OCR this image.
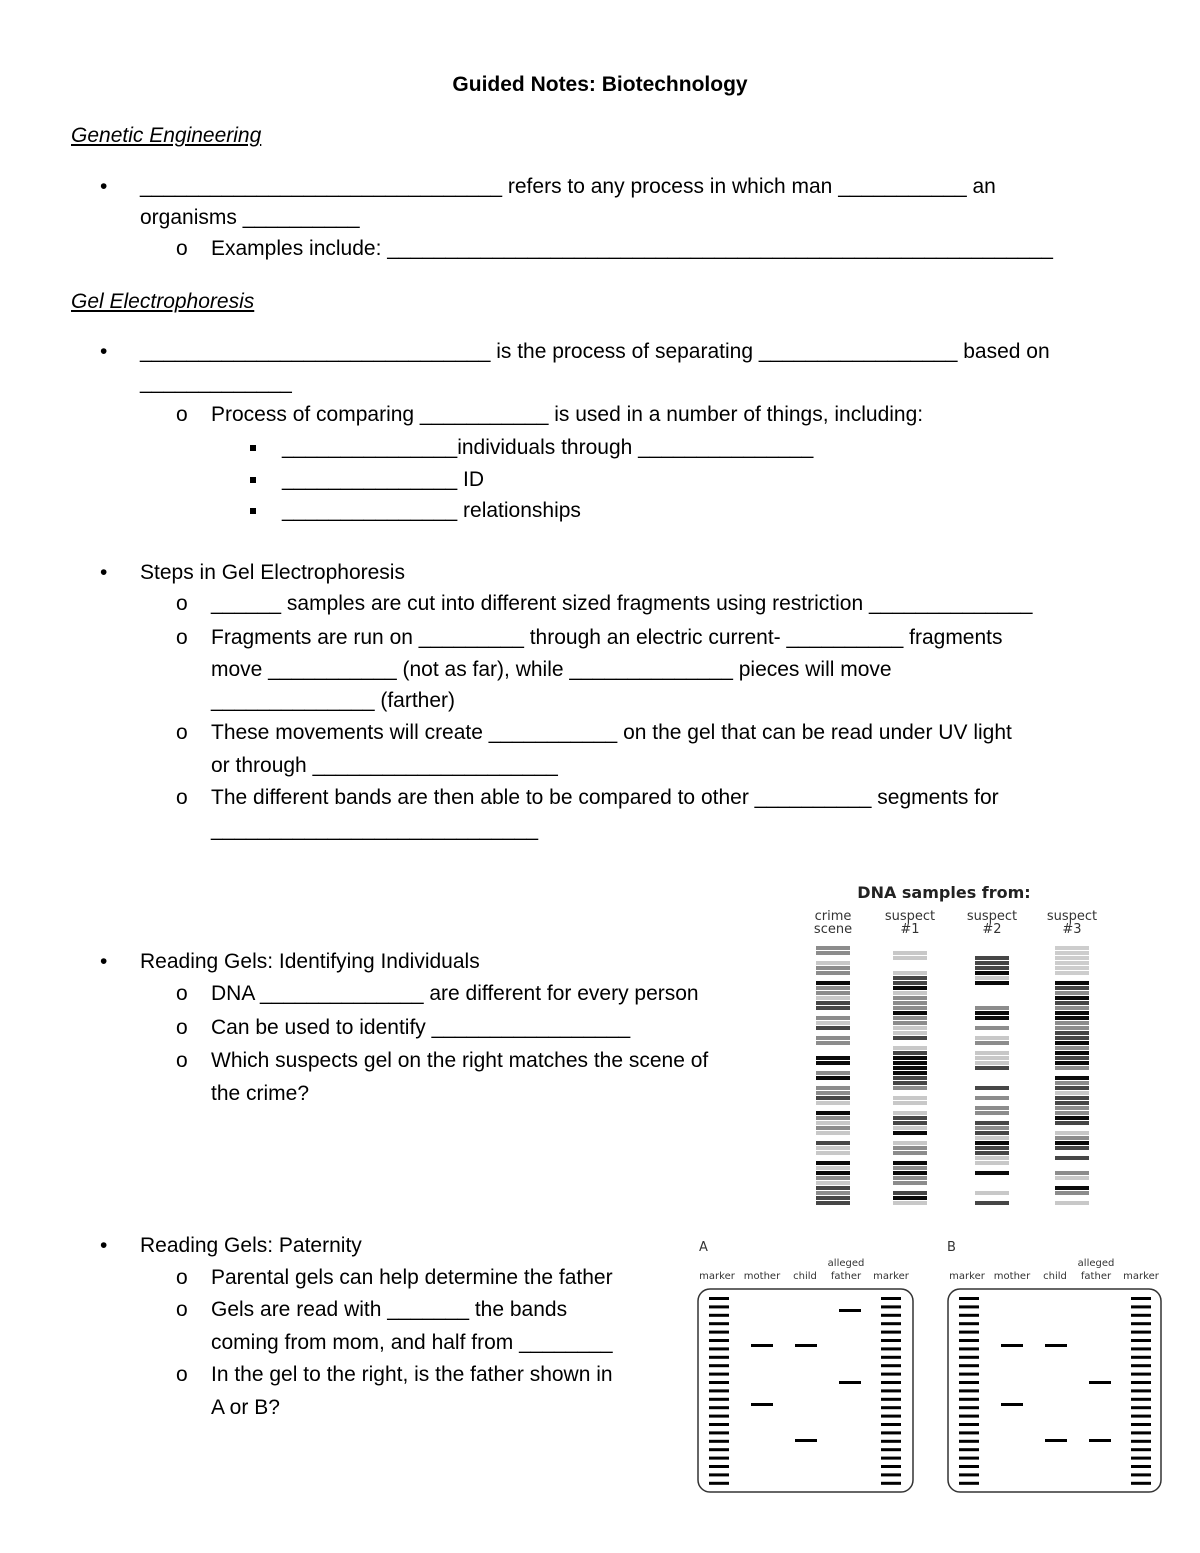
Guided Notes: Biotechnology
Genetic Engineering
• _______________________________ refers to any process in which man ___________ an
organisms __________
o Examples include: _________________________________________________________
Gel Electrophoresis
• ______________________________ is the process of separating _________________ based on
_____________
o Process of comparing ___________ is used in a number of things, including:
_______________individuals through _______________
_______________ ID
_______________ relationships
• Steps in Gel Electrophoresis
o ______ samples are cut into different sized fragments using restriction ______________
o Fragments are run on _________ through an electric current- __________ fragments
move ___________ (not as far), while ______________ pieces will move
______________ (farther)
o These movements will create ___________ on the gel that can be read under UV light
or through _____________________
o The different bands are then able to be compared to other __________ segments for
____________________________
• Reading Gels: Identifying Individuals
o DNA ______________ are different for every person
o Can be used to identify _________________
o Which suspects gel on the right matches the scene of
the crime?
• Reading Gels: Paternity
o Parental gels can help determine the father
o Gels are read with _______ the bands
coming from mom, and half from ________
o In the gel to the right, is the father shown in
A or B?
DNA samples from:
crime
scene
suspect
#1
suspect
#2
suspect
#3
A
alleged
marker mother child father marker
B
alleged
marker mother child father marker
